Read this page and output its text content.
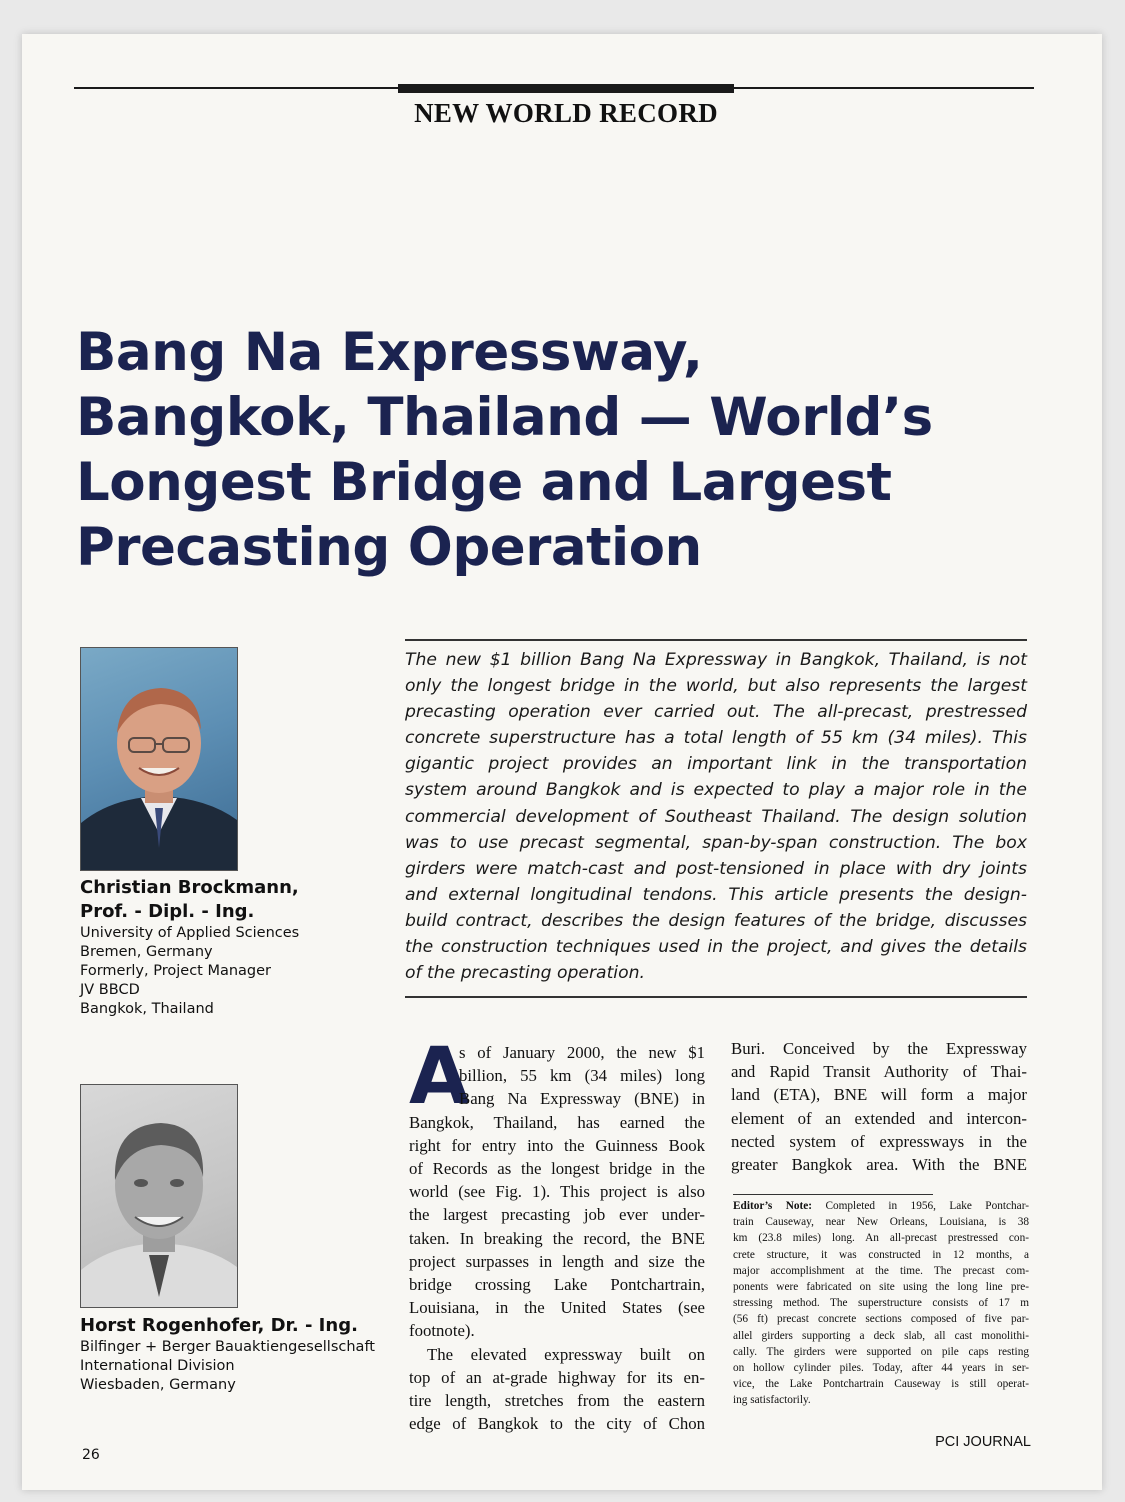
NEW WORLD RECORD
Bang Na Expressway,
Bangkok, Thailand — World’s
Longest Bridge and Largest
Precasting Operation
Christian Brockmann,
Prof. - Dipl. - Ing.
University of Applied Sciences
Bremen, Germany
Formerly, Project Manager
JV BBCD
Bangkok, Thailand
Horst Rogenhofer, Dr. - Ing.
Bilfinger + Berger Bauaktiengesellschaft
International Division
Wiesbaden, Germany
The new $1 billion Bang Na Expressway in Bangkok, Thailand, is not
only the longest bridge in the world, but also represents the largest
precasting operation ever carried out. The all-precast, prestressed
concrete superstructure has a total length of 55 km (34 miles). This
gigantic project provides an important link in the transportation
system around Bangkok and is expected to play a major role in the
commercial development of Southeast Thailand. The design solution
was to use precast segmental, span-by-span construction. The box
girders were match-cast and post-tensioned in place with dry joints
and external longitudinal tendons. This article presents the design-
build contract, describes the design features of the bridge, discusses
the construction techniques used in the project, and gives the details
of the precasting operation.
A
s of January 2000, the new $1
billion, 55 km (34 miles) long
Bang Na Expressway (BNE) in
Bangkok, Thailand, has earned the
right for entry into the Guinness Book
of Records as the longest bridge in the
world (see Fig. 1). This project is also
the largest precasting job ever under-
taken. In breaking the record, the BNE
project surpasses in length and size the
bridge crossing Lake Pontchartrain,
Louisiana, in the United States (see
footnote).
The elevated expressway built on
top of an at-grade highway for its en-
tire length, stretches from the eastern
edge of Bangkok to the city of Chon
Buri. Conceived by the Expressway
and Rapid Transit Authority of Thai-
land (ETA), BNE will form a major
element of an extended and intercon-
nected system of expressways in the
greater Bangkok area. With the BNE
Editor’s Note: Completed in 1956, Lake Pontchar-
train Causeway, near New Orleans, Louisiana, is 38
km (23.8 miles) long. An all-precast prestressed con-
crete structure, it was constructed in 12 months, a
major accomplishment at the time. The precast com-
ponents were fabricated on site using the long line pre-
stressing method. The superstructure consists of 17 m
(56 ft) precast concrete sections composed of five par-
allel girders supporting a deck slab, all cast monolithi-
cally. The girders were supported on pile caps resting
on hollow cylinder piles. Today, after 44 years in ser-
vice, the Lake Pontchartrain Causeway is still operat-
ing satisfactorily.
26
PCI JOURNAL
